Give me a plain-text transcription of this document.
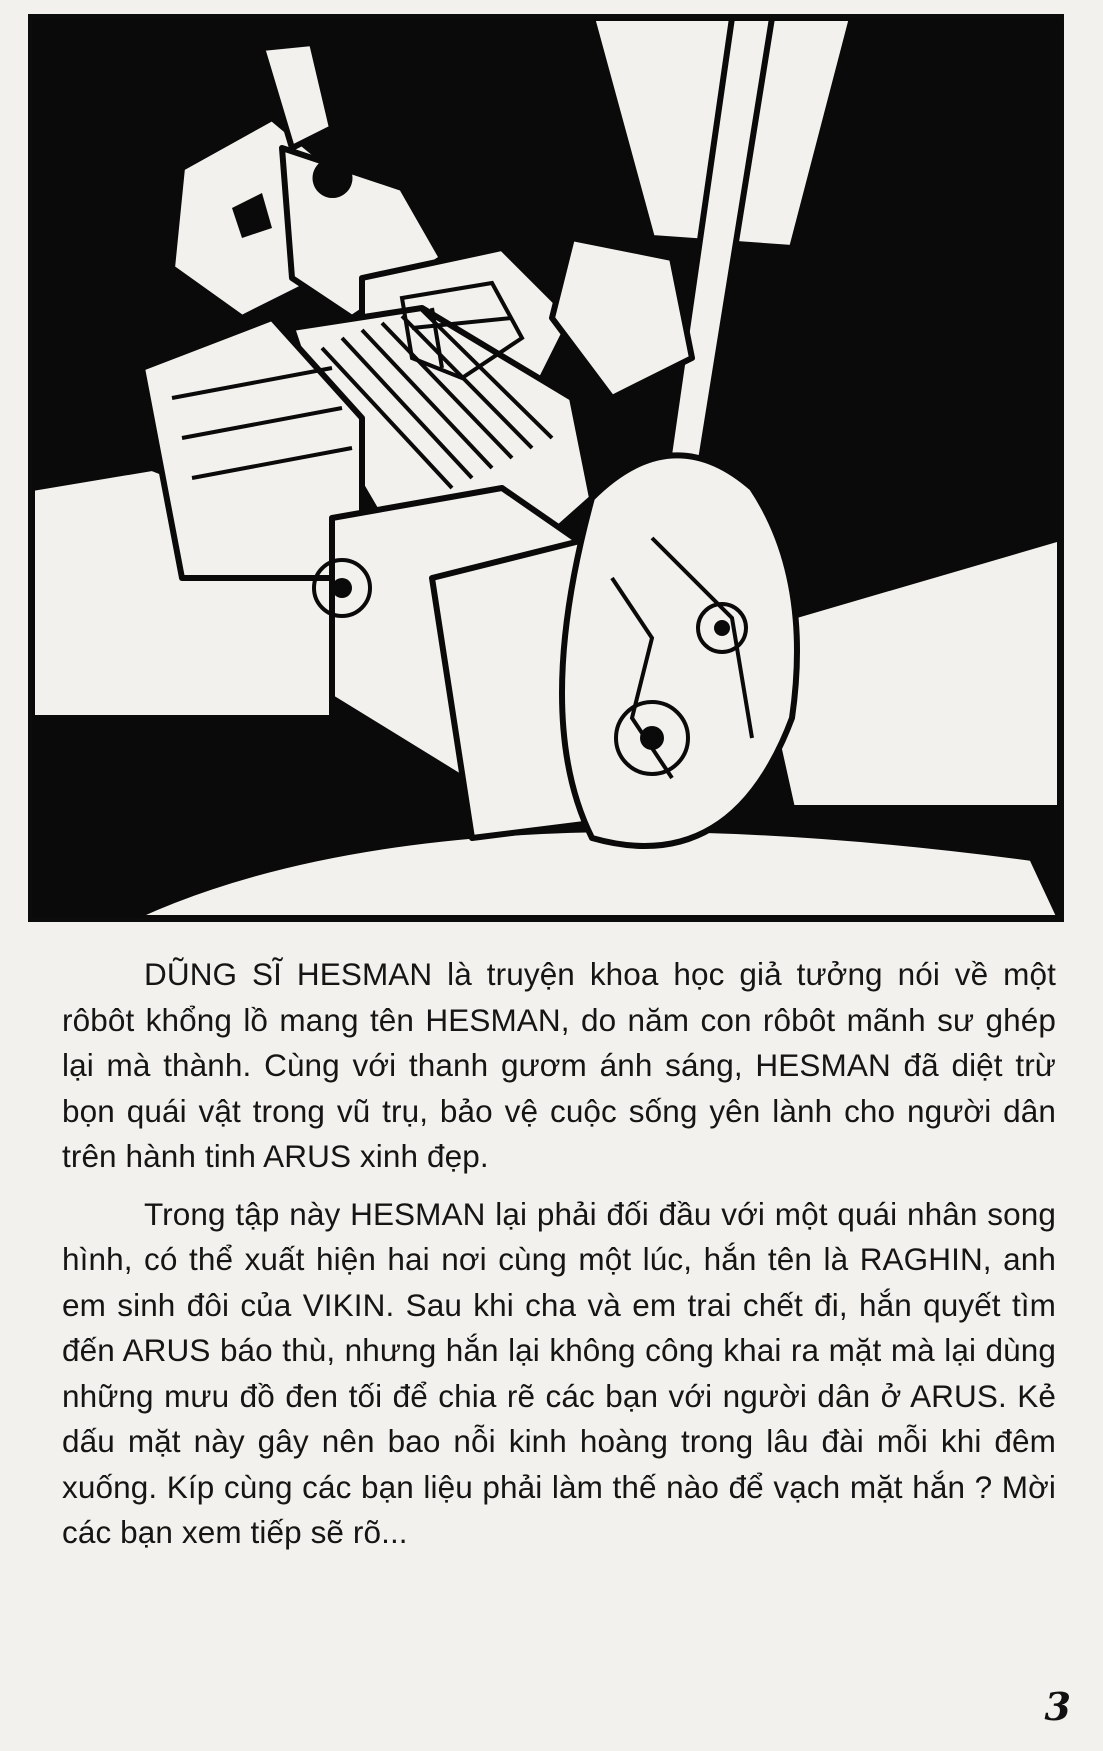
DŨNG SĨ HESMAN là truyện khoa học giả tưởng nói về một rôbôt khổng lồ mang tên HESMAN, do năm con rôbôt mãnh sư ghép lại mà thành. Cùng với thanh gươm ánh sáng, HESMAN đã diệt trừ bọn quái vật trong vũ trụ, bảo vệ cuộc sống yên lành cho người dân trên hành tinh ARUS xinh đẹp.

Trong tập này HESMAN lại phải đối đầu với một quái nhân song hình, có thể xuất hiện hai nơi cùng một lúc, hắn tên là RAGHIN, anh em sinh đôi của VIKIN. Sau khi cha và em trai chết đi, hắn quyết tìm đến ARUS báo thù, nhưng hắn lại không công khai ra mặt mà lại dùng những mưu đồ đen tối để chia rẽ các bạn với người dân ở ARUS. Kẻ dấu mặt này gây nên bao nỗi kinh hoàng trong lâu đài mỗi khi đêm xuống. Kíp cùng các bạn liệu phải làm thế nào để vạch mặt hắn ? Mời các bạn xem tiếp sẽ rõ...

3
